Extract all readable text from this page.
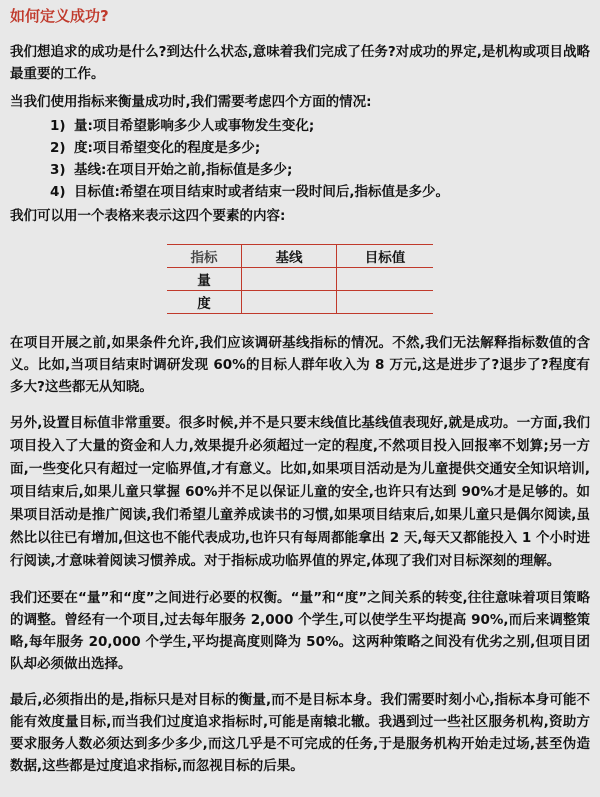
如何定义成功?

我们想追求的成功是什么?到达什么状态,意味着我们完成了任务?对成功的界定,是机构或项目战略最重要的工作。

当我们使用指标来衡量成功时,我们需要考虑四个方面的情况:

1) 量:项目希望影响多少人或事物发生变化;
2) 度:项目希望变化的程度是多少;
3) 基线:在项目开始之前,指标值是多少;
4) 目标值:希望在项目结束时或者结束一段时间后,指标值是多少。

我们可以用一个表格来表示这四个要素的内容:

指标	基线	目标值
量		
度		

在项目开展之前,如果条件允许,我们应该调研基线指标的情况。不然,我们无法解释指标数值的含义。比如,当项目结束时调研发现 60%的目标人群年收入为 8 万元,这是进步了?退步了?程度有多大?这些都无从知晓。

另外,设置目标值非常重要。很多时候,并不是只要末线值比基线值表现好,就是成功。一方面,我们项目投入了大量的资金和人力,效果提升必须超过一定的程度,不然项目投入回报率不划算;另一方面,一些变化只有超过一定临界值,才有意义。比如,如果项目活动是为儿童提供交通安全知识培训,项目结束后,如果儿童只掌握 60%并不足以保证儿童的安全,也许只有达到 90%才是足够的。如果项目活动是推广阅读,我们希望儿童养成读书的习惯,如果项目结束后,如果儿童只是偶尔阅读,虽然比以往已有增加,但这也不能代表成功,也许只有每周都能拿出 2 天,每天又都能投入 1 个小时进行阅读,才意味着阅读习惯养成。对于指标成功临界值的界定,体现了我们对目标深刻的理解。

我们还要在“量”和“度”之间进行必要的权衡。“量”和“度”之间关系的转变,往往意味着项目策略的调整。曾经有一个项目,过去每年服务 2,000 个学生,可以使学生平均提高 90%,而后来调整策略,每年服务 20,000 个学生,平均提高度则降为 50%。这两种策略之间没有优劣之别,但项目团队却必须做出选择。

最后,必须指出的是,指标只是对目标的衡量,而不是目标本身。我们需要时刻小心,指标本身可能不能有效度量目标,而当我们过度追求指标时,可能是南辕北辙。我遇到过一些社区服务机构,资助方要求服务人数必须达到多少多少,而这几乎是不可完成的任务,于是服务机构开始走过场,甚至伪造数据,这些都是过度追求指标,而忽视目标的后果。
